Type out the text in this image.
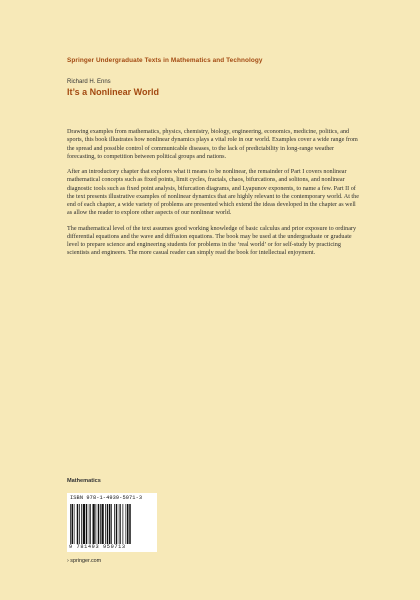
Springer Undergraduate Texts in Mathematics and Technology
Richard H. Enns
It’s a Nonlinear World

Drawing examples from mathematics, physics, chemistry, biology, engineering, economics, medicine, politics, and sports, this book illustrates how nonlinear dynamics plays a vital role in our world. Examples cover a wide range from the spread and possible control of communicable diseases, to the lack of predictability in long-range weather forecasting, to competition between political groups and nations.

After an introductory chapter that explores what it means to be nonlinear, the remainder of Part I covers nonlinear mathematical concepts such as fixed points, limit cycles, fractals, chaos, bifurcations, and solitons, and nonlinear diagnostic tools such as fixed point analysis, bifurcation diagrams, and Lyapunov exponents, to name a few. Part II of the text presents illustrative examples of nonlinear dynamics that are highly relevant to the contemporary world. At the end of each chapter, a wide variety of problems are presented which extend the ideas developed in the chapter as well as allow the reader to explore other aspects of our nonlinear world.

The mathematical level of the text assumes good working knowledge of basic calculus and prior exposure to ordinary differential equations and the wave and diffusion equations. The book may be used at the undergraduate or graduate level to prepare science and engineering students for problems in the ‘real world’ or for self-study by practicing scientists and engineers. The more casual reader can simply read the book for intellectual enjoyment.

Mathematics
ISBN 978-1-4939-5071-3
9 781493 950713
› springer.com
